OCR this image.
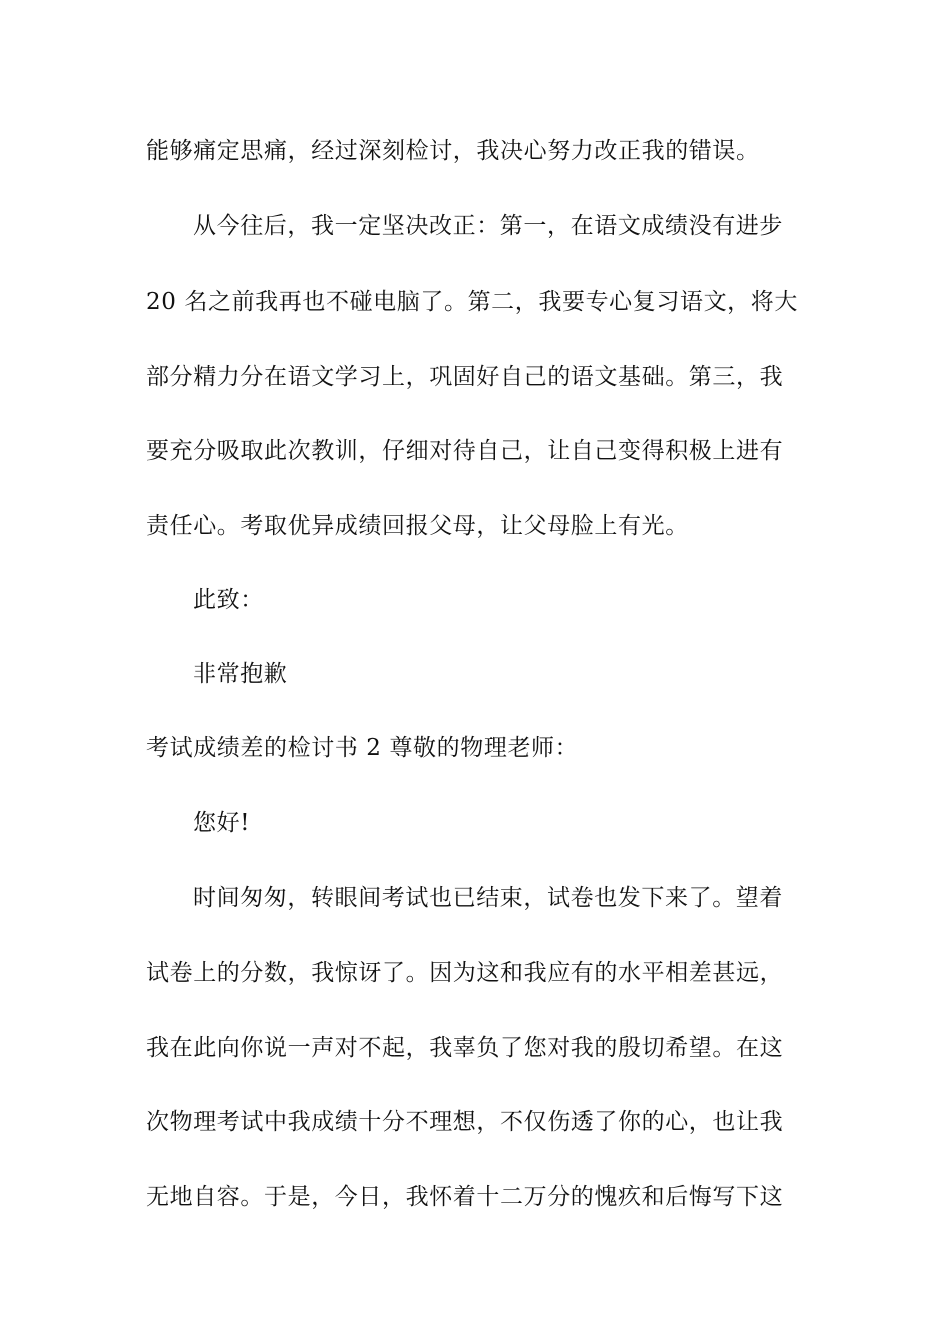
能够痛定思痛，经过深刻检讨，我决心努力改正我的错误。
从今往后，我一定坚决改正：第一，在语文成绩没有进步
20 名之前我再也不碰电脑了。第二，我要专心复习语文，将大
部分精力分在语文学习上，巩固好自己的语文基础。第三，我
要充分吸取此次教训，仔细对待自己，让自己变得积极上进有
责任心。考取优异成绩回报父母，让父母脸上有光。
此致：
非常抱歉
考试成绩差的检讨书 2 尊敬的物理老师：
您好!
时间匆匆，转眼间考试也已结束，试卷也发下来了。望着
试卷上的分数，我惊讶了。因为这和我应有的水平相差甚远，
我在此向你说一声对不起，我辜负了您对我的殷切希望。在这
次物理考试中我成绩十分不理想，不仅伤透了你的心，也让我
无地自容。于是，今日，我怀着十二万分的愧疚和后悔写下这
